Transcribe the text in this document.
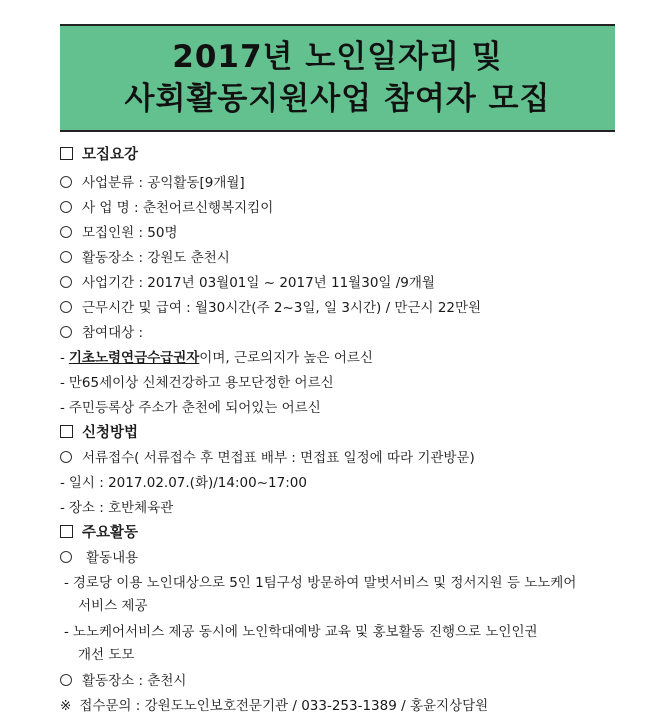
2017년 노인일자리 및
사회활동지원사업 참여자 모집
모집요강
사업분류 : 공익활동[9개월]
사 업 명 : 춘천어르신행복지킴이
모집인원 : 50명
활동장소 : 강원도 춘천시
사업기간 : 2017년 03월01일 ~ 2017년 11월30일 /9개월
근무시간 및 급여 : 월30시간(주 2~3일, 일 3시간) / 만근시 22만원
참여대상 :
- 기초노령연금수급권자이며, 근로의지가 높은 어르신
- 만65세이상 신체건강하고 용모단정한 어르신
- 주민등록상 주소가 춘천에 되어있는 어르신
신청방법
서류접수( 서류접수 후 면접표 배부 : 면접표 일정에 따라 기관방문)
- 일시 : 2017.02.07.(화)/14:00~17:00
- 장소 : 호반체육관
주요활동
활동내용
- 경로당 이용 노인대상으로 5인 1팀구성 방문하여 말벗서비스 및 정서지원 등 노노케어
서비스 제공
- 노노케어서비스 제공 동시에 노인학대예방 교육 및 홍보활동 진행으로 노인인권
개선 도모
활동장소 : 춘천시
※ 접수문의 : 강원도노인보호전문기관 / 033-253-1389 / 홍윤지상담원
